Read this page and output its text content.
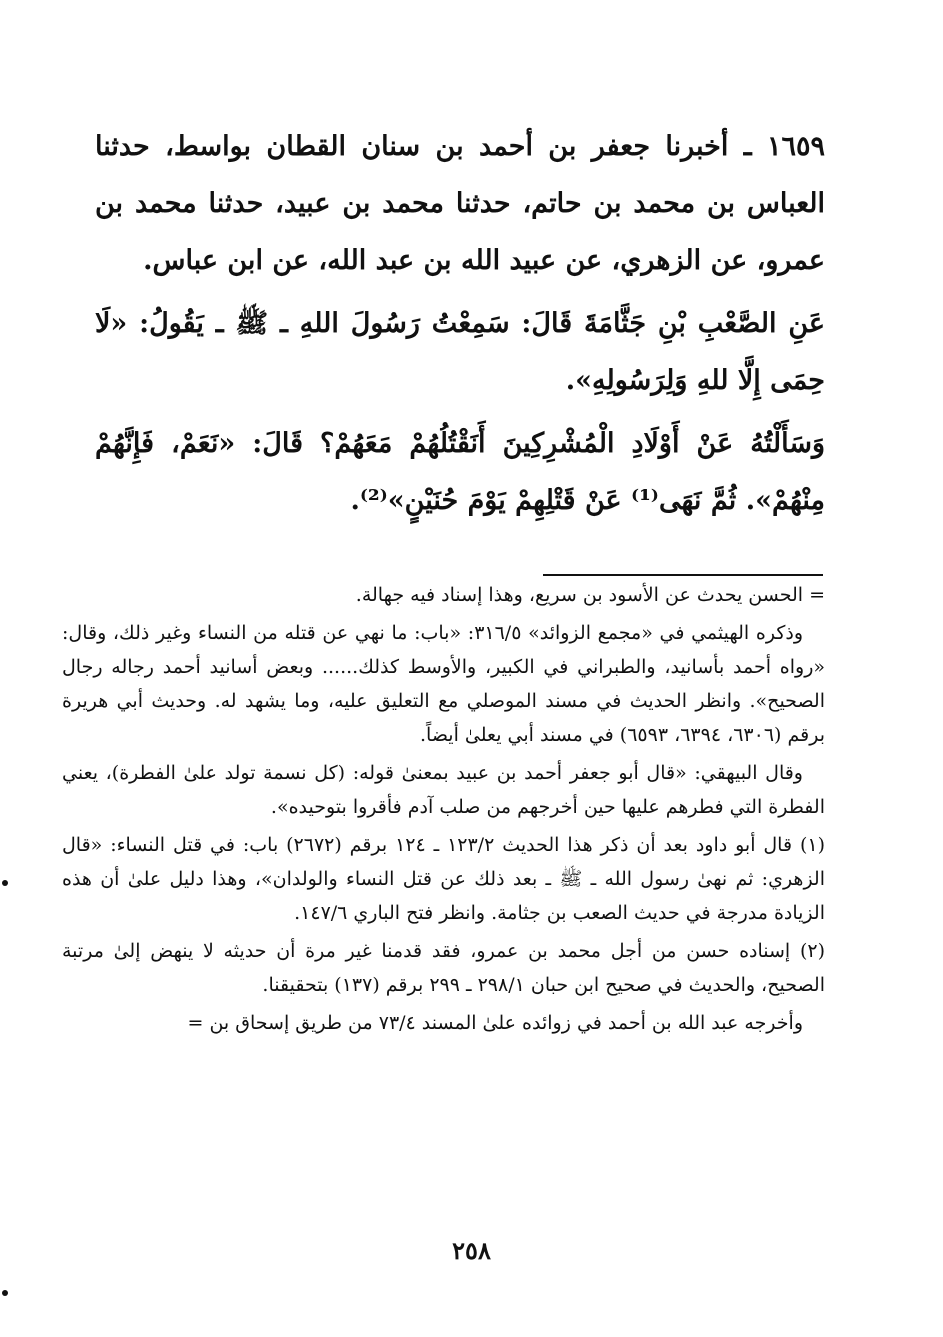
١٦٥٩ ـ أخبرنا جعفر بن أحمد بن سنان القطان بواسط، حدثنا العباس بن محمد بن حاتم، حدثنا محمد بن عبيد، حدثنا محمد بن عمرو، عن الزهري، عن عبيد الله بن عبد الله، عن ابن عباس.

عَنِ الصَّعْبِ بْنِ جَثَّامَةَ قَالَ: سَمِعْتُ رَسُولَ اللهِ ـ ﷺ ـ يَقُولُ: «لَا حِمَى إِلَّا للهِ وَلِرَسُولِهِ».

وَسَأَلْتُهُ عَنْ أَوْلَادِ الْمُشْرِكِينَ أَنَقْتُلُهُمْ مَعَهُمْ؟ قَالَ: «نَعَمْ، فَإِنَّهُمْ مِنْهُمْ». ثُمَّ نَهَى⁽¹⁾ عَنْ قَتْلِهِمْ يَوْمَ حُنَيْنٍ»⁽²⁾.

= الحسن يحدث عن الأسود بن سريع، وهذا إسناد فيه جهالة.

وذكره الهيثمي في «مجمع الزوائد» ٣١٦/٥: «باب: ما نهي عن قتله من النساء وغير ذلك، وقال: «رواه أحمد بأسانيد، والطبراني في الكبير، والأوسط كذلك...... وبعض أسانيد أحمد رجاله رجال الصحيح». وانظر الحديث في مسند الموصلي مع التعليق عليه، وما يشهد له. وحديث أبي هريرة برقم (٦٣٠٦، ٦٣٩٤، ٦٥٩٣) في مسند أبي يعلىٰ أيضاً.

وقال البيهقي: «قال أبو جعفر أحمد بن عبيد بمعنىٰ قوله: (كل نسمة تولد علىٰ الفطرة)، يعني الفطرة التي فطرهم عليها حين أخرجهم من صلب آدم فأقروا بتوحيده».

(١) قال أبو داود بعد أن ذكر هذا الحديث ١٢٣/٢ ـ ١٢٤ برقم (٢٦٧٢) باب: في قتل النساء: «قال الزهري: ثم نهىٰ رسول الله ـ ﷺ ـ بعد ذلك عن قتل النساء والولدان»، وهذا دليل علىٰ أن هذه الزيادة مدرجة في حديث الصعب بن جثامة. وانظر فتح الباري ١٤٧/٦.

(٢) إسناده حسن من أجل محمد بن عمرو، فقد قدمنا غير مرة أن حديثه لا ينهض إلىٰ مرتبة الصحيح، والحديث في صحيح ابن حبان ٢٩٨/١ ـ ٢٩٩ برقم (١٣٧) بتحقيقنا.

وأخرجه عبد الله بن أحمد في زوائده علىٰ المسند ٧٣/٤ من طريق إسحاق بن =

٢٥٨
